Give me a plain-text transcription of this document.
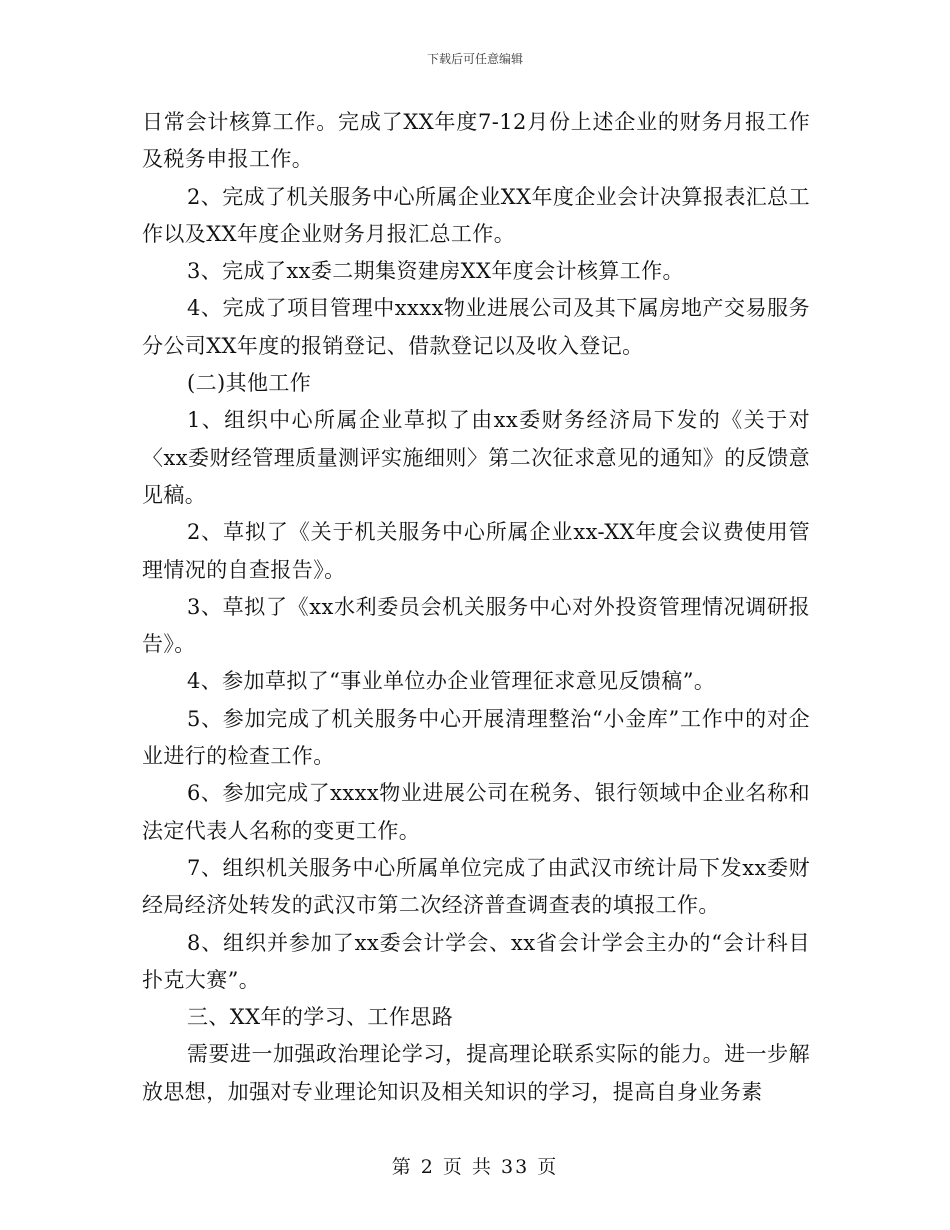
下载后可任意编辑

日常会计核算工作。完成了XX年度7-12月份上述企业的财务月报工作及税务申报工作。

2、完成了机关服务中心所属企业XX年度企业会计决算报表汇总工作以及XX年度企业财务月报汇总工作。

3、完成了xx委二期集资建房XX年度会计核算工作。

4、完成了项目管理中xxxx物业进展公司及其下属房地产交易服务分公司XX年度的报销登记、借款登记以及收入登记。

(二)其他工作

1、组织中心所属企业草拟了由xx委财务经济局下发的《关于对〈xx委财经管理质量测评实施细则〉第二次征求意见的通知》的反馈意见稿。

2、草拟了《关于机关服务中心所属企业xx-XX年度会议费使用管理情况的自查报告》。

3、草拟了《xx水利委员会机关服务中心对外投资管理情况调研报告》。

4、参加草拟了“事业单位办企业管理征求意见反馈稿”。

5、参加完成了机关服务中心开展清理整治“小金库”工作中的对企业进行的检查工作。

6、参加完成了xxxx物业进展公司在税务、银行领域中企业名称和法定代表人名称的变更工作。

7、组织机关服务中心所属单位完成了由武汉市统计局下发xx委财经局经济处转发的武汉市第二次经济普查调查表的填报工作。

8、组织并参加了xx委会计学会、xx省会计学会主办的“会计科目扑克大赛”。

三、XX年的学习、工作思路

需要进一加强政治理论学习，提高理论联系实际的能力。进一步解放思想，加强对专业理论知识及相关知识的学习，提高自身业务素

第 2 页 共 33 页
